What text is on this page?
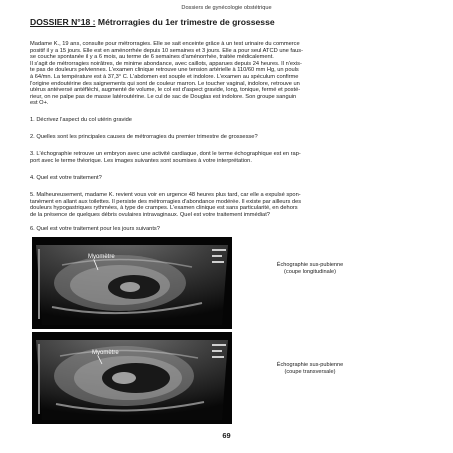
Dossiers de gynécologie obstétrique
DOSSIER N°18 : Métrorragies du 1er trimestre de grossesse
Madame K., 19 ans, consulte pour métrorragies. Elle se sait enceinte grâce à un test urinaire du commerce
positif il y a 15 jours. Elle est en aménorrhée depuis 10 semaines et 3 jours. Elle a pour seul ATCD une faus-
se couche spontanée il y a 6 mois, au terme de 6 semaines d'aménorrhée, traitée médicalement.
Il s'agit de métrorragies noirâtres, de minime abondance, avec caillots, apparues depuis 24 heures. Il n'exis-
te pas de douleurs pelviennes. L'examen clinique retrouve une tension artérielle à 110/60 mm Hg, un pouls
à 64/mn. La température est à 37,3° C. L'abdomen est souple et indolore. L'examen au spéculum confirme
l'origine endoutérine des saignements qui sont de couleur marron. Le toucher vaginal, indolore, retrouve un
utérus antéversé antéfléchi, augmenté de volume, le col est d'aspect gravide, long, tonique, fermé et posté-
rieur, on ne palpe pas de masse latéroutérine. Le cul de sac de Douglas est indolore. Son groupe sanguin
est O+.
1. Décrivez l'aspect du col utérin gravide
2. Quelles sont les principales causes de métrorragies du premier trimestre de grossesse?
3. L'échographie retrouve un embryon avec une activité cardiaque, dont le terme échographique est en rap-
port avec le terme théorique. Les images suivantes sont soumises à votre interprétation.
4. Quel est votre traitement?
5. Malheureusement, madame K. revient vous voir en urgence 48 heures plus tard, car elle a expulsé spon-
tanément en allant aux toilettes. Il persiste des métrorragies d'abondance modérée. Il existe par ailleurs des
douleurs hypogastriques rythmées, à type de crampes. L'examen clinique est sans particularité, en dehors
de la présence de quelques débris ovulaires intravaginaux. Quel est votre traitement immédiat?
6. Quel est votre traitement pour les jours suivants?
Myomètre
Échographie sus-pubienne
(coupe longitudinale)
Myomètre
Échographie sus-pubienne
(coupe transversale)
69
